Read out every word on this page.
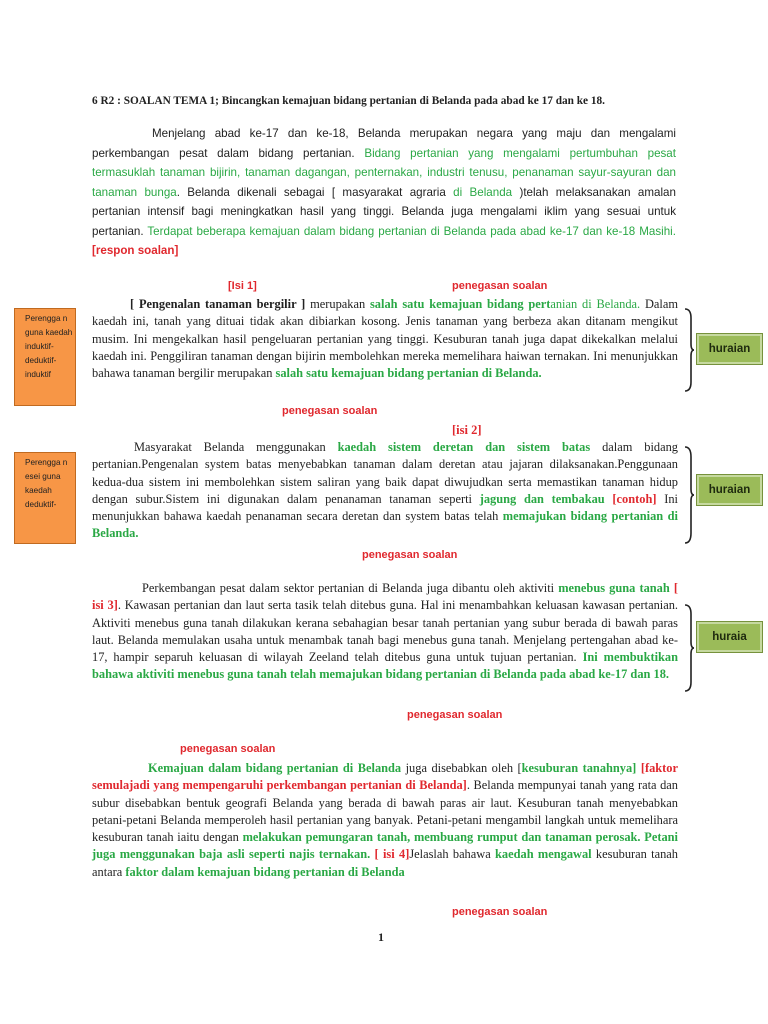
6 R2 : SOALAN TEMA 1; Bincangkan kemajuan bidang pertanian di Belanda pada abad ke 17 dan ke 18.
Menjelang abad ke-17 dan ke-18, Belanda merupakan negara yang maju dan mengalami perkembangan pesat dalam bidang pertanian. Bidang pertanian yang mengalami pertumbuhan pesat termasuklah tanaman bijirin, tanaman dagangan, penternakan, industri tenusu, penanaman sayur-sayuran dan tanaman bunga. Belanda dikenali sebagai [ masyarakat agraria di Belanda )telah melaksanakan amalan pertanian intensif bagi meningkatkan hasil yang tinggi. Belanda juga mengalami iklim yang sesuai untuk pertanian. Terdapat beberapa kemajuan dalam bidang pertanian di Belanda pada abad ke-17 dan ke-18 Masihi. [respon soalan]
[Isi 1]	penegasan soalan
Perengga n guna kaedah induktif-deduktif-induktif
[ Pengenalan tanaman bergilir ] merupakan salah satu kemajuan bidang pertanian di Belanda. Dalam kaedah ini, tanah yang dituai tidak akan dibiarkan kosong. Jenis tanaman yang berbeza akan ditanam mengikut musim. Ini mengekalkan hasil pengeluaran pertanian yang tinggi. Kesuburan tanah juga dapat dikekalkan melalui kaedah ini. Penggiliran tanaman dengan bijirin membolehkan mereka memelihara haiwan ternakan. Ini menunjukkan bahawa tanaman bergilir merupakan salah satu kemajuan bidang pertanian di Belanda.
huraian
penegasan soalan
[isi 2]
Perengga n esei guna kaedah deduktif-
Masyarakat Belanda menggunakan kaedah sistem deretan dan sistem batas dalam bidang pertanian.Pengenalan system batas menyebabkan tanaman dalam deretan atau jajaran dilaksanakan.Penggunaan kedua-dua sistem ini membolehkan sistem saliran yang baik dapat diwujudkan serta memastikan tanaman hidup dengan subur.Sistem ini digunakan dalam penanaman tanaman seperti jagung dan tembakau [contoh] Ini menunjukkan bahawa kaedah penanaman secara deretan dan system batas telah memajukan bidang pertanian di Belanda.
huraian
penegasan soalan
Perkembangan pesat dalam sektor pertanian di Belanda juga dibantu oleh aktiviti menebus guna tanah [ isi 3]. Kawasan pertanian dan laut serta tasik telah ditebus guna. Hal ini menambahkan keluasan kawasan pertanian. Aktiviti menebus guna tanah dilakukan kerana sebahagian besar tanah pertanian yang subur berada di bawah paras laut. Belanda memulakan usaha untuk menambak tanah bagi menebus guna tanah. Menjelang pertengahan abad ke-17, hampir separuh keluasan di wilayah Zeeland telah ditebus guna untuk tujuan pertanian. Ini membuktikan bahawa aktiviti menebus guna tanah telah memajukan bidang pertanian di Belanda pada abad ke-17 dan 18.
huraia
penegasan soalan
penegasan soalan
Kemajuan dalam bidang pertanian di Belanda juga disebabkan oleh [kesuburan tanahnya] [faktor semulajadi yang mempengaruhi perkembangan pertanian di Belanda]. Belanda mempunyai tanah yang rata dan subur disebabkan bentuk geografi Belanda yang berada di bawah paras air laut. Kesuburan tanah menyebabkan petani-petani Belanda memperoleh hasil pertanian yang banyak. Petani-petani mengambil langkah untuk memelihara kesuburan tanah iaitu dengan melakukan pemungaran tanah, membuang rumput dan tanaman perosak. Petani juga menggunakan baja asli seperti najis ternakan. [ isi 4]Jelaslah bahawa kaedah mengawal kesuburan tanah antara faktor dalam kemajuan bidang pertanian di Belanda
penegasan soalan
1
